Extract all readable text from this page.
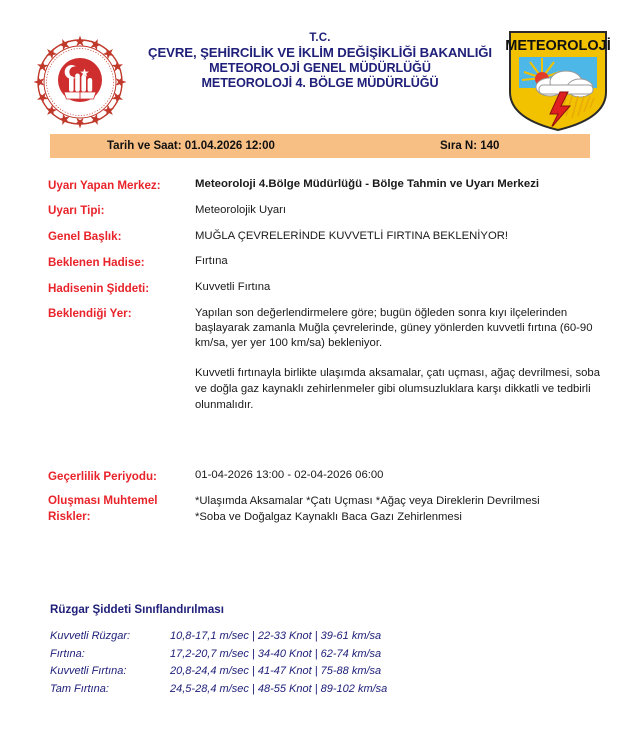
T.C.
ÇEVRE, ŞEHİRCİLİK VE İKLİM DEĞİŞİKLİĞİ BAKANLIĞI
METEOROLOJİ GENEL MÜDÜRLÜĞÜ
METEOROLOJİ 4. BÖLGE MÜDÜRLÜĞÜ
METEOROLOJİ
Tarih ve Saat: 01.04.2026 12:00	Sıra N: 140
Uyarı Yapan Merkez:	Meteoroloji 4.Bölge Müdürlüğü - Bölge Tahmin ve Uyarı Merkezi
Uyarı Tipi:	Meteorolojik Uyarı
Genel Başlık:	MUĞLA ÇEVRELERİNDE KUVVETLİ FIRTINA BEKLENİYOR!
Beklenen Hadise:	Fırtına
Hadisenin Şiddeti:	Kuvvetli Fırtına
Beklendiği Yer:	Yapılan son değerlendirmelere göre; bugün öğleden sonra kıyı ilçelerinden başlayarak zamanla Muğla çevrelerinde, güney yönlerden kuvvetli fırtına (60-90 km/sa, yer yer 100 km/sa) bekleniyor.
Kuvvetli fırtınayla birlikte ulaşımda aksamalar, çatı uçması, ağaç devrilmesi, soba ve doğla gaz kaynaklı zehirlenmeler gibi olumsuzluklara karşı dikkatli ve tedbirli olunmalıdır.
Geçerlilik Periyodu:	01-04-2026 13:00 - 02-04-2026 06:00
Oluşması Muhtemel Riskler:
*Ulaşımda Aksamalar *Çatı Uçması *Ağaç veya Direklerin Devrilmesi *Soba ve Doğalgaz Kaynaklı Baca Gazı Zehirlenmesi
Rüzgar Şiddeti Sınıflandırılması
Kuvvetli Rüzgar:	10,8-17,1 m/sec | 22-33 Knot | 39-61 km/sa
Fırtına:	17,2-20,7 m/sec | 34-40 Knot | 62-74 km/sa
Kuvvetli Fırtına:	20,8-24,4 m/sec | 41-47 Knot | 75-88 km/sa
Tam Fırtına:	24,5-28,4 m/sec | 48-55 Knot | 89-102 km/sa
